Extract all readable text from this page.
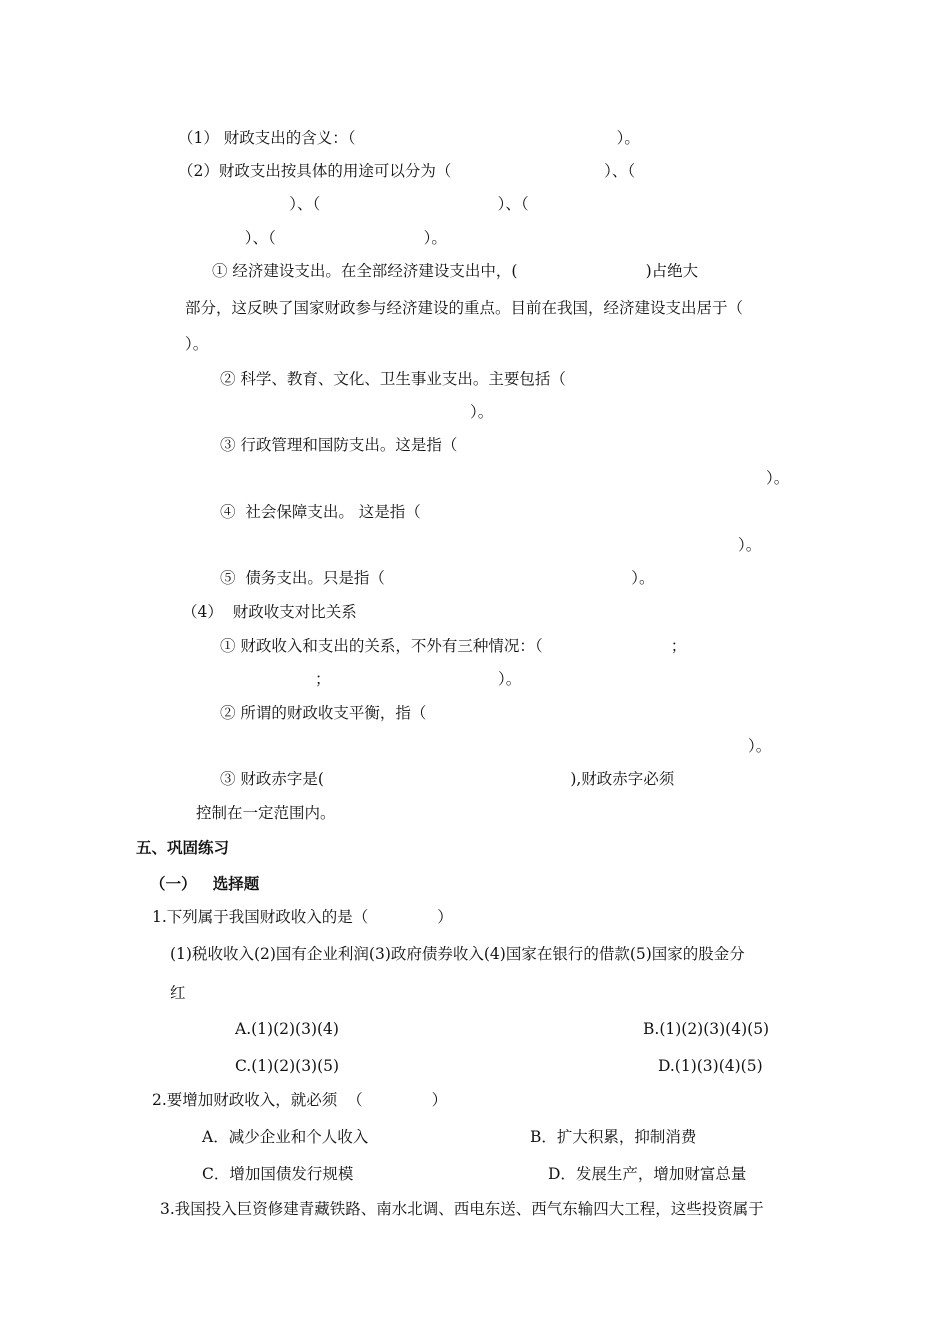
（1） 财政支出的含义：（                                                     ）。
（2）财政支出按具体的用途可以分为（                               ）、（
）、（                                    ）、（
）、（                              ）。
① 经济建设支出。在全部经济建设支出中，(                          )占绝大
部分，这反映了国家财政参与经济建设的重点。目前在我国，经济建设支出居于（
）。
② 科学、教育、文化、卫生事业支出。主要包括（
）。
③ 行政管理和国防支出。这是指（
）。
④  社会保障支出。 这是指（
）。
⑤  债务支出。只是指（                                                  ）。
（4）  财政收支对比关系
① 财政收入和支出的关系，不外有三种情况：（                          ；
；                                  ）。
② 所谓的财政收支平衡，指（
）。
③ 财政赤字是(                                                  ),财政赤字必须
控制在一定范围内。
五、巩固练习
（一）   选择题
1.下列属于我国财政收入的是（              ）
(1)税收收入(2)国有企业利润(3)政府债券收入(4)国家在银行的借款(5)国家的股金分
红
A.(1)(2)(3)(4)	B.(1)(2)(3)(4)(5)
C.(1)(2)(3)(5)	D.(1)(3)(4)(5)
2.要增加财政收入，就必须  （              ）
A．减少企业和个人收入	B．扩大积累，抑制消费
C．增加国债发行规模	D．发展生产，增加财富总量
3.我国投入巨资修建青藏铁路、南水北调、西电东送、西气东输四大工程，这些投资属于
